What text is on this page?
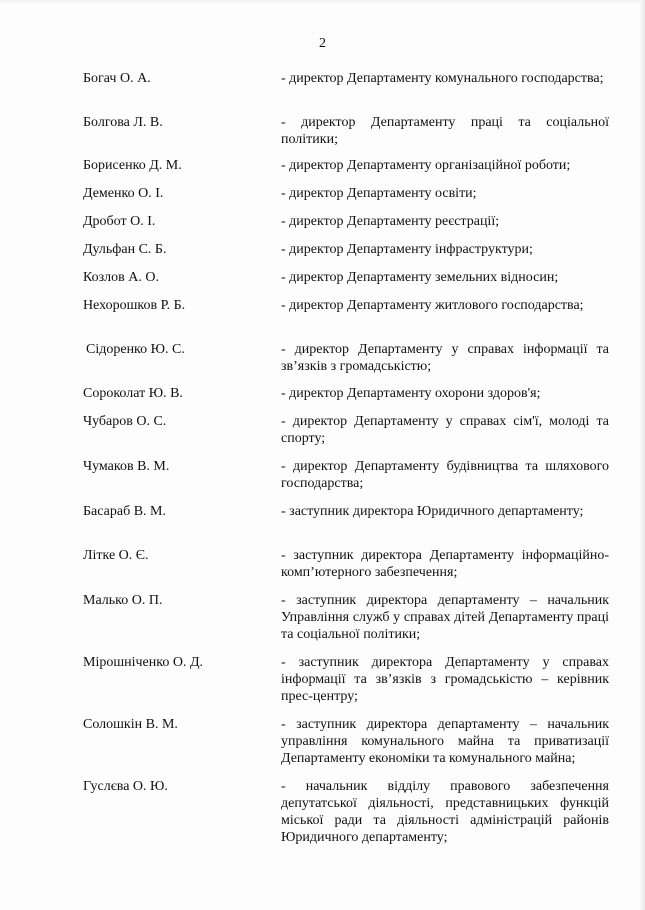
2
Богач О. А.	- директор Департаменту комунального господарства;
Болгова Л. В.	- директор Департаменту праці та соціальної політики;
Борисенко Д. М.	- директор Департаменту організаційної роботи;
Деменко О. І.	- директор Департаменту освіти;
Дробот О. І.	- директор Департаменту реєстрації;
Дульфан С. Б.	- директор Департаменту інфраструктури;
Козлов А. О.	- директор Департаменту земельних відносин;
Нехорошков Р. Б.	- директор Департаменту житлового господарства;
Сідоренко Ю. С.	- директор Департаменту у справах інформації та зв’язків з громадськістю;
Сороколат Ю. В.	- директор Департаменту охорони здоров'я;
Чубаров О. С.	- директор Департаменту у справах сім'ї, молоді та спорту;
Чумаков В. М.	- директор Департаменту будівництва та шляхового господарства;
Басараб В. М.	- заступник директора Юридичного департаменту;
Літке О. Є.	- заступник директора Департаменту інформаційно-комп’ютерного забезпечення;
Малько О. П.	- заступник директора департаменту – начальник Управління служб у справах дітей Департаменту праці та соціальної політики;
Мірошніченко О. Д.	- заступник директора Департаменту у справах інформації та зв’язків з громадськістю – керівник прес-центру;
Солошкін В. М.	- заступник директора департаменту – начальник управління комунального майна та приватизації Департаменту економіки та комунального майна;
Гуслєва О. Ю.	- начальник відділу правового забезпечення депутатської діяльності, представницьких функцій міської ради та діяльності адміністрацій районів Юридичного департаменту;
